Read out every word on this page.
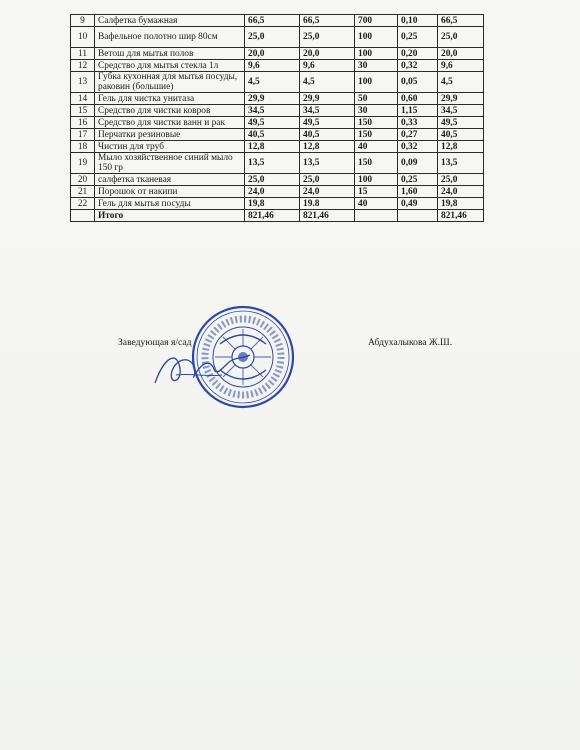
9	Салфетка бумажная	66,5	66,5	700	0,10	66,5
10	Вафельное полотно шир 80см	25,0	25,0	100	0,25	25,0
11	Ветош для мытья полов	20,0	20,0	100	0,20	20,0
12	Средство для мытья стекла 1л	9,6	9,6	30	0,32	9,6
13	Губка кухонная для мытья посуды, раковин (большие)	4,5	4,5	100	0,05	4,5
14	Гель для чистка унитаза	29,9	29,9	50	0,60	29,9
15	Средство для чистки ковров	34,5	34,5	30	1,15	34,5
16	Средство для чистки ванн и рак	49,5	49,5	150	0,33	49,5
17	Перчатки резиновые	40,5	40,5	150	0,27	40,5
18	Чистин для труб	12,8	12,8	40	0,32	12,8
19	Мыло хозяйственное синий мыло 150 гр	13,5	13,5	150	0,09	13,5
20	салфетка тканевая	25,0	25,0	100	0,25	25,0
21	Порошок от накипи	24,0	24,0	15	1,60	24,0
22	Гель для мытья посуды	19,8	19.8	40	0,49	19,8
	Итого	821,46	821,46			821,46
Заведующая я/сад	Абдухалыкова Ж.Ш.
